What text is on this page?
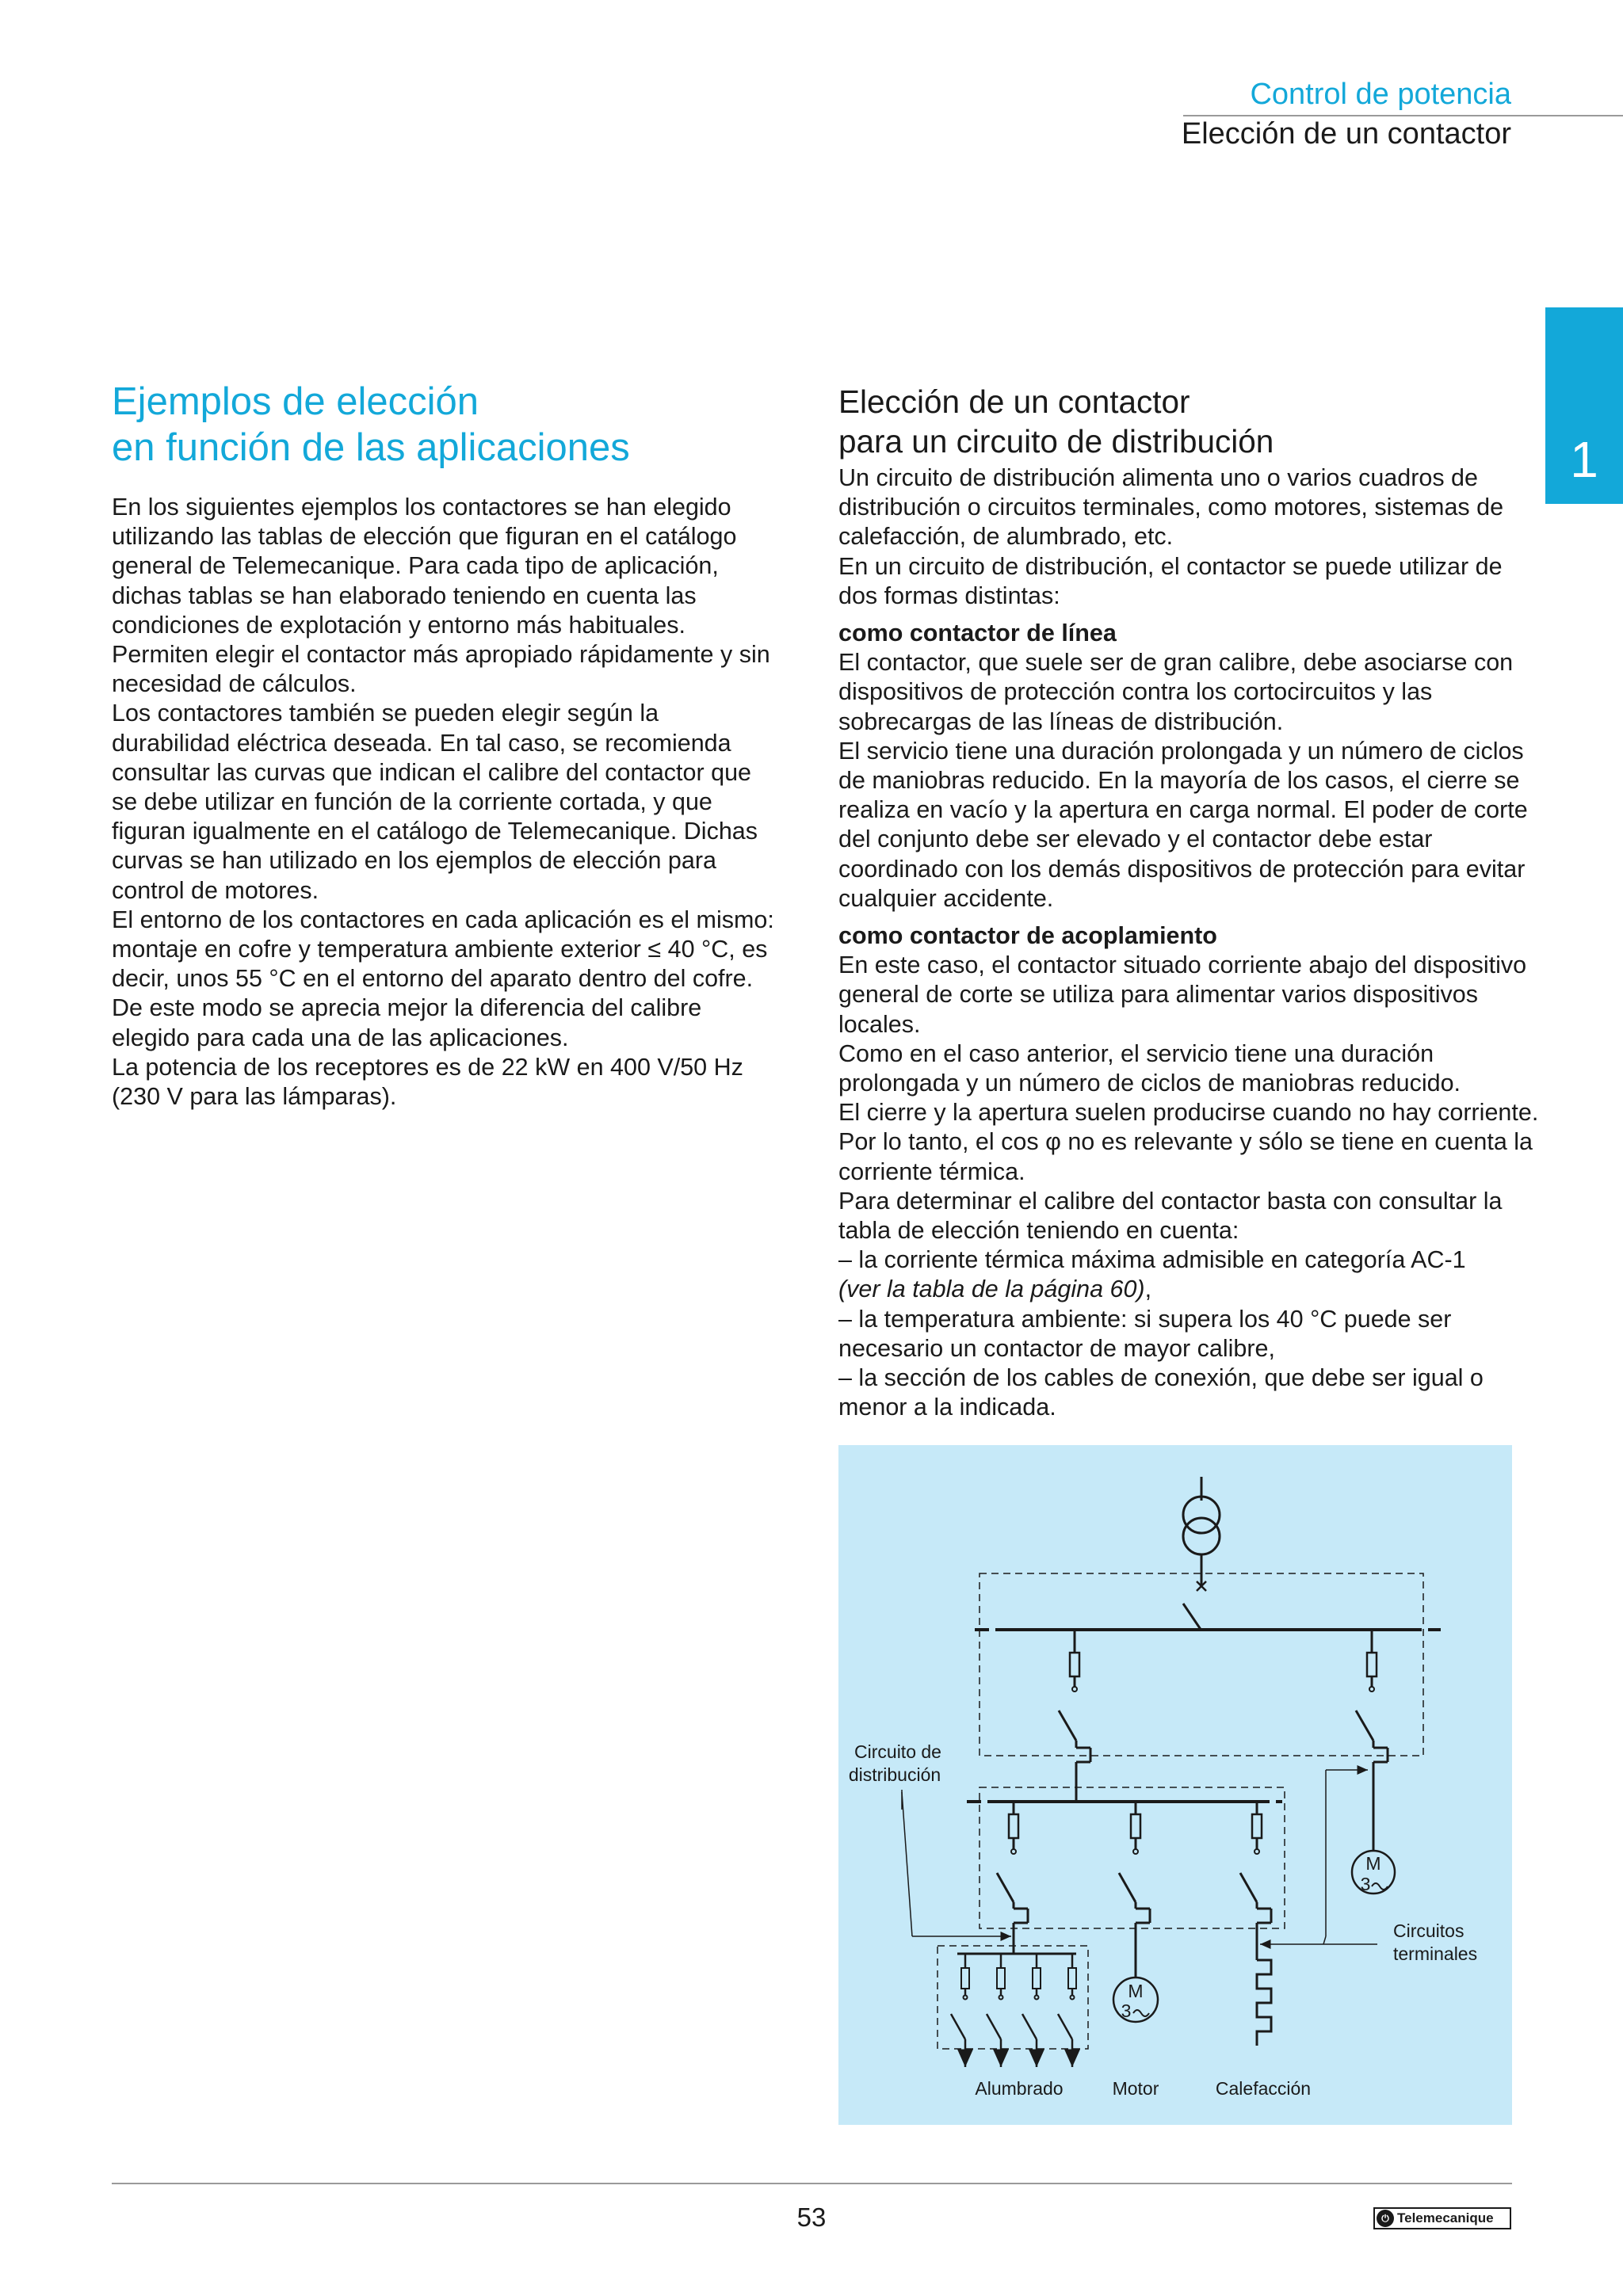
Control de potencia
Elección de un contactor
1
Ejemplos de elección
en función de las aplicaciones

En los siguientes ejemplos los contactores se han elegido

utilizando las tablas de elección que figuran en el catálogo

general de Telemecanique. Para cada tipo de aplicación,

dichas tablas se han elaborado teniendo en cuenta las

condiciones de explotación y entorno más habituales.

Permiten elegir el contactor más apropiado rápidamente y sin

necesidad de cálculos.

Los contactores también se pueden elegir según la

durabilidad eléctrica deseada. En tal caso, se recomienda

consultar las curvas que indican el calibre del contactor que

se debe utilizar en función de la corriente cortada, y que

figuran igualmente en el catálogo de Telemecanique. Dichas

curvas se han utilizado en los ejemplos de elección para

control de motores.

El entorno de los contactores en cada aplicación es el mismo:

montaje en cofre y temperatura ambiente exterior ≤ 40 °C, es

decir, unos 55 °C en el entorno del aparato dentro del cofre.

De este modo se aprecia mejor la diferencia del calibre

elegido para cada una de las aplicaciones.

La potencia de los receptores es de 22 kW en 400 V/50 Hz

(230 V para las lámparas).

Elección de un contactor
para un circuito de distribución

Un circuito de distribución alimenta uno o varios cuadros de

distribución o circuitos terminales, como motores, sistemas de

calefacción, de alumbrado, etc.

En un circuito de distribución, el contactor se puede utilizar de

dos formas distintas:

como contactor de línea

El contactor, que suele ser de gran calibre, debe asociarse con

dispositivos de protección contra los cortocircuitos y las

sobrecargas de las líneas de distribución.

El servicio tiene una duración prolongada y un número de ciclos

de maniobras reducido. En la mayoría de los casos, el cierre se

realiza en vacío y la apertura en carga normal. El poder de corte

del conjunto debe ser elevado y el contactor debe estar

coordinado con los demás dispositivos de protección para evitar

cualquier accidente.

como contactor de acoplamiento

En este caso, el contactor situado corriente abajo del dispositivo

general de corte se utiliza para alimentar varios dispositivos

locales.

Como en el caso anterior, el servicio tiene una duración

prolongada y un número de ciclos de maniobras reducido.

El cierre y la apertura suelen producirse cuando no hay corriente.

Por lo tanto, el cos φ no es relevante y sólo se tiene en cuenta la

corriente térmica.

Para determinar el calibre del contactor basta con consultar la

tabla de elección teniendo en cuenta:

– la corriente térmica máxima admisible en categoría AC-1

(ver la tabla de la página 60),

– la temperatura ambiente: si supera los 40 °C puede ser

necesario un contactor de mayor calibre,

– la sección de los cables de conexión, que debe ser igual o

menor a la indicada.

M
3
M
3
Circuito de
distribución
Circuitos
terminales
Alumbrado	Motor	Calefacción
53	⏻ Telemecanique
